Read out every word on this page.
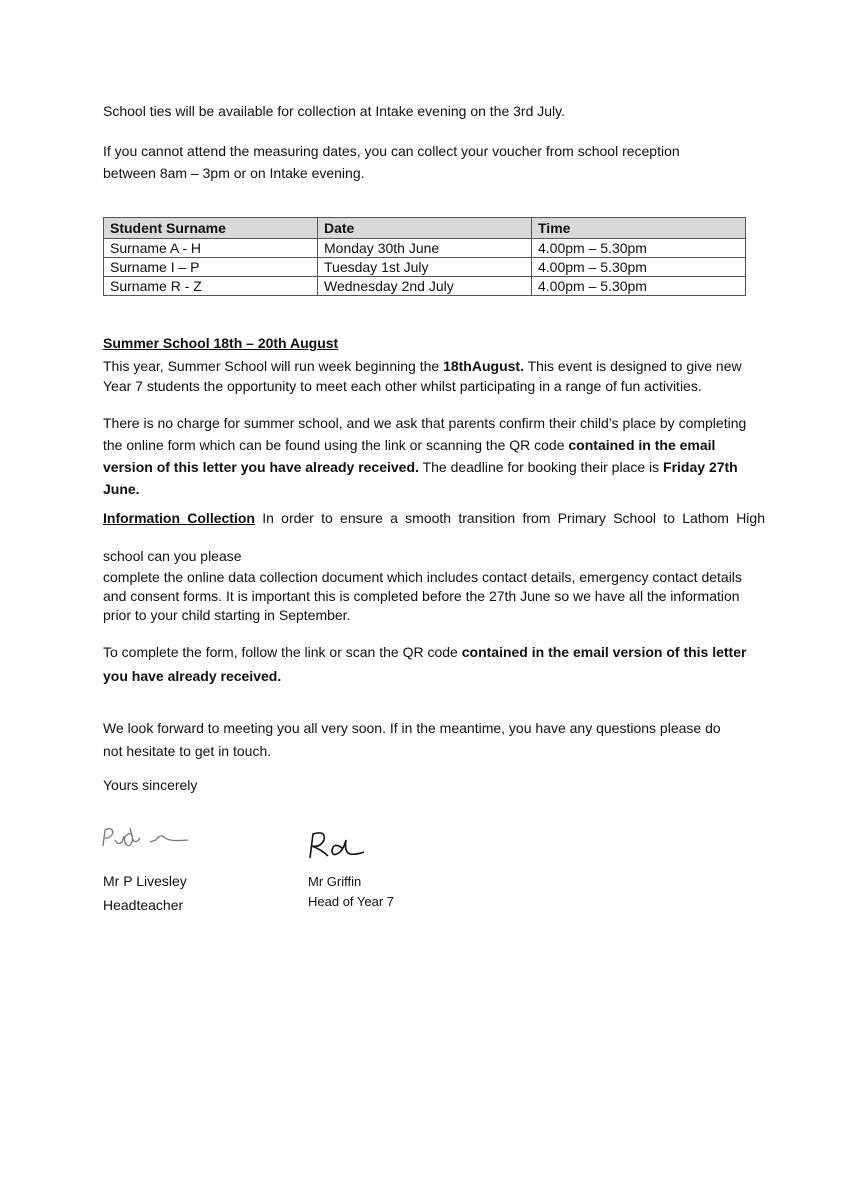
School ties will be available for collection at Intake evening on the 3rd July.

If you cannot attend the measuring dates, you can collect your voucher from school reception

between 8am – 3pm or on Intake evening.

Student Surname	Date	Time
Surname A - H	Monday 30th June	4.00pm – 5.30pm
Surname I – P	Tuesday 1st July	4.00pm – 5.30pm
Surname R - Z	Wednesday 2nd July	4.00pm – 5.30pm

Summer School 18th – 20th August

This year, Summer School will run week beginning the 18thAugust. This event is designed to give new Year 7 students the opportunity to meet each other whilst participating in a range of fun activities.

There is no charge for summer school, and we ask that parents confirm their child’s place by completing the online form which can be found using the link or scanning the QR code contained in the email version of this letter you have already received. The deadline for booking their place is Friday 27th June.

Information Collection In order to ensure a smooth transition from Primary School to Lathom High

school can you please

complete the online data collection document which includes contact details, emergency contact details and consent forms. It is important this is completed before the 27th June so we have all the information prior to your child starting in September.

To complete the form, follow the link or scan the QR code contained in the email version of this letter
you have already received.

We look forward to meeting you all very soon. If in the meantime, you have any questions please do

not hesitate to get in touch.

Yours sincerely

Mr P Livesley
Headteacher
Mr Griffin
Head of Year 7
